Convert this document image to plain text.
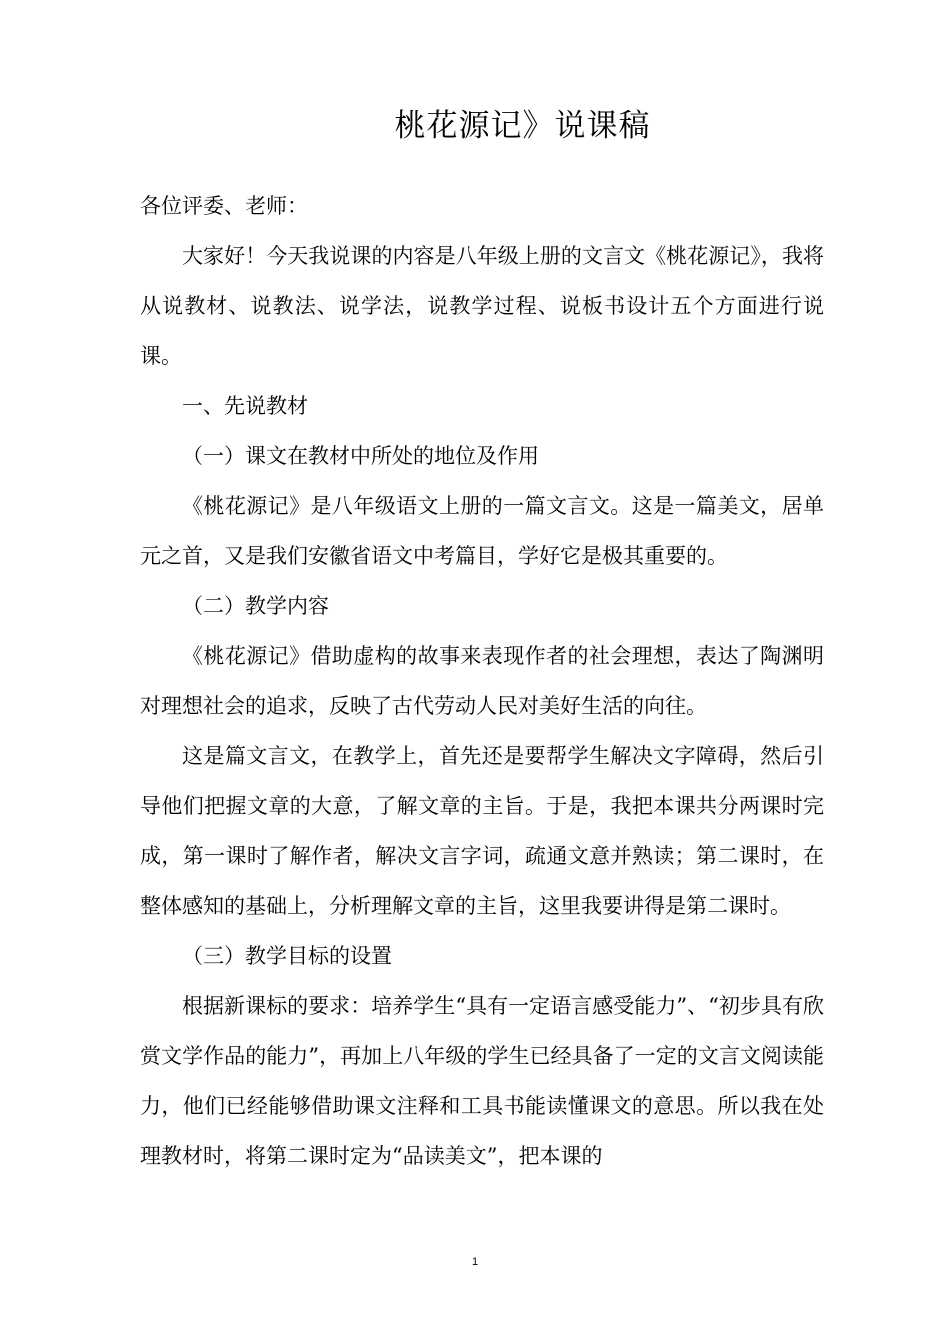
桃花源记》说课稿

各位评委、老师：

大家好！今天我说课的内容是八年级上册的文言文《桃花源记》，我将从说教材、说教法、说学法，说教学过程、说板书设计五个方面进行说课。

一、先说教材

（一）课文在教材中所处的地位及作用

《桃花源记》是八年级语文上册的一篇文言文。这是一篇美文，居单元之首，又是我们安徽省语文中考篇目，学好它是极其重要的。

（二）教学内容

《桃花源记》借助虚构的故事来表现作者的社会理想，表达了陶渊明对理想社会的追求，反映了古代劳动人民对美好生活的向往。

这是篇文言文，在教学上，首先还是要帮学生解决文字障碍，然后引导他们把握文章的大意，了解文章的主旨。于是，我把本课共分两课时完成，第一课时了解作者，解决文言字词，疏通文意并熟读；第二课时，在整体感知的基础上，分析理解文章的主旨，这里我要讲得是第二课时。

（三）教学目标的设置

根据新课标的要求：培养学生“具有一定语言感受能力”、“初步具有欣赏文学作品的能力”，再加上八年级的学生已经具备了一定的文言文阅读能力，他们已经能够借助课文注释和工具书能读懂课文的意思。所以我在处理教材时，将第二课时定为“品读美文”，把本课的

1
